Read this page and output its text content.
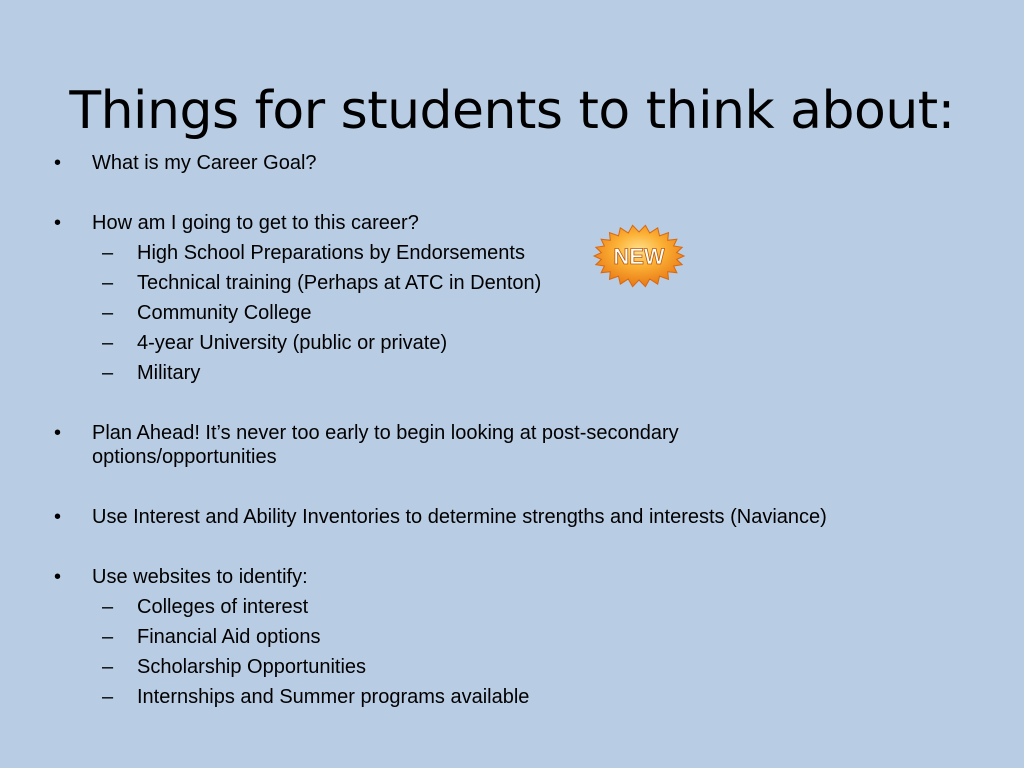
Things for students to think about:
• What is my Career Goal?
• How am I going to get to this career?
– High School Preparations by Endorsements
– Technical training (Perhaps at ATC in Denton)
– Community College
– 4-year University (public or private)
– Military
• Plan Ahead! It’s never too early to begin looking at post-secondary
options/opportunities
• Use Interest and Ability Inventories to determine strengths and interests (Naviance)
• Use websites to identify:
– Colleges of interest
– Financial Aid options
– Scholarship Opportunities
– Internships and Summer programs available
NEW
